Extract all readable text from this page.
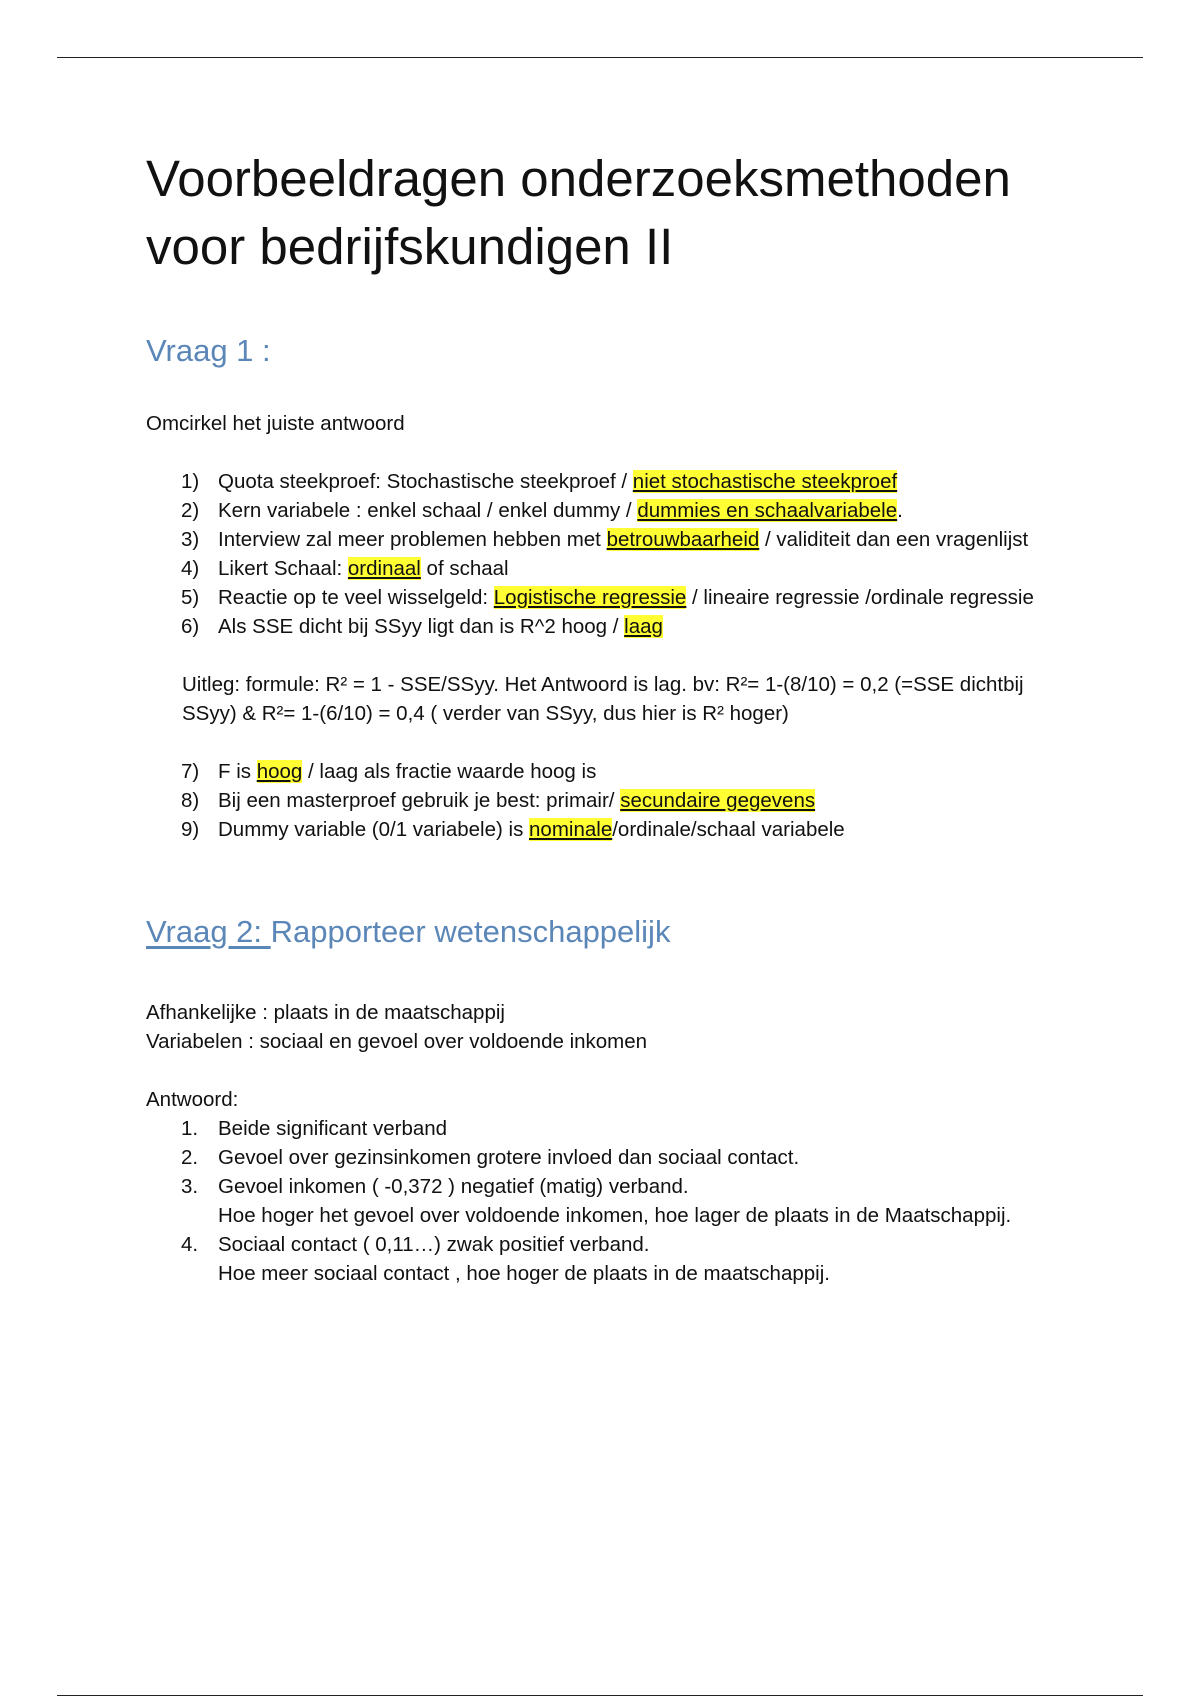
Voorbeeldragen onderzoeksmethoden
voor bedrijfskundigen II
Vraag 1 :

Omcirkel het juiste antwoord

1) Quota steekproef: Stochastische steekproef / niet stochastische steekproef
2) Kern variabele : enkel schaal / enkel dummy / dummies en schaalvariabele.
3) Interview zal meer problemen hebben met betrouwbaarheid / validiteit dan een vragenlijst
4) Likert Schaal: ordinaal of schaal
5) Reactie op te veel wisselgeld: Logistische regressie / lineaire regressie /ordinale regressie
6) Als SSE dicht bij SSyy ligt dan is R^2 hoog / laag

Uitleg: formule: R² = 1 - SSE/SSyy. Het Antwoord is lag. bv: R²= 1-(8/10) = 0,2 (=SSE dichtbij SSyy) & R²= 1-(6/10) = 0,4 ( verder van SSyy, dus hier is R² hoger)

7) F is hoog / laag als fractie waarde hoog is
8) Bij een masterproef gebruik je best: primair/ secundaire gegevens
9) Dummy variable (0/1 variabele) is nominale/ordinale/schaal variabele
Vraag 2: Rapporteer wetenschappelijk

Afhankelijke : plaats in de maatschappij

Variabelen : sociaal en gevoel over voldoende inkomen

Antwoord:

1. Beide significant verband
2. Gevoel over gezinsinkomen grotere invloed dan sociaal contact.
3. Gevoel inkomen ( -0,372 ) negatief (matig) verband.
Hoe hoger het gevoel over voldoende inkomen, hoe lager de plaats in de Maatschappij.
4. Sociaal contact ( 0,11…) zwak positief verband.
Hoe meer sociaal contact , hoe hoger de plaats in de maatschappij.
